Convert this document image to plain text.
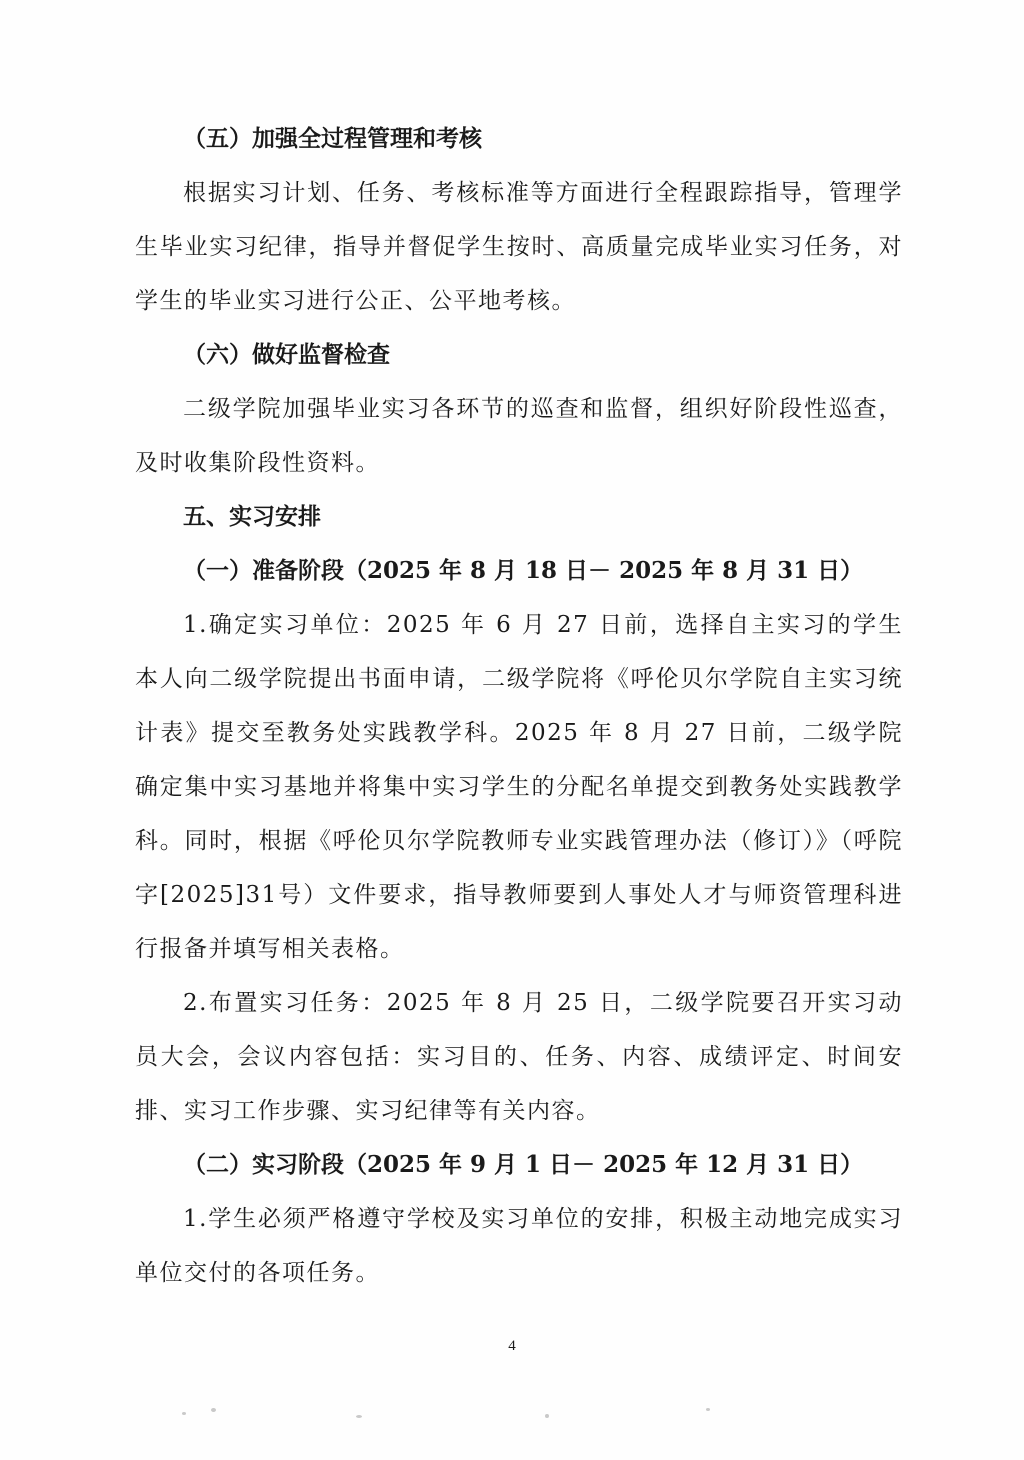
（五）加强全过程管理和考核

根据实习计划、任务、考核标准等方面进行全程跟踪指导，管理学生毕业实习纪律，指导并督促学生按时、高质量完成毕业实习任务，对学生的毕业实习进行公正、公平地考核。

（六）做好监督检查

二级学院加强毕业实习各环节的巡查和监督，组织好阶段性巡查，及时收集阶段性资料。

五、实习安排

（一）准备阶段（2025 年 8 月 18 日－ 2025 年 8 月 31 日）

1.确定实习单位：2025 年 6 月 27 日前，选择自主实习的学生本人向二级学院提出书面申请，二级学院将《呼伦贝尔学院自主实习统计表》提交至教务处实践教学科。2025 年 8 月 27 日前，二级学院确定集中实习基地并将集中实习学生的分配名单提交到教务处实践教学科。同时，根据《呼伦贝尔学院教师专业实践管理办法（修订）》（呼院字[2025]31号）文件要求，指导教师要到人事处人才与师资管理科进行报备并填写相关表格。

2.布置实习任务：2025 年 8 月 25 日，二级学院要召开实习动员大会，会议内容包括：实习目的、任务、内容、成绩评定、时间安排、实习工作步骤、实习纪律等有关内容。

（二）实习阶段（2025 年 9 月 1 日－ 2025 年 12 月 31 日）

1.学生必须严格遵守学校及实习单位的安排，积极主动地完成实习单位交付的各项任务。

4
